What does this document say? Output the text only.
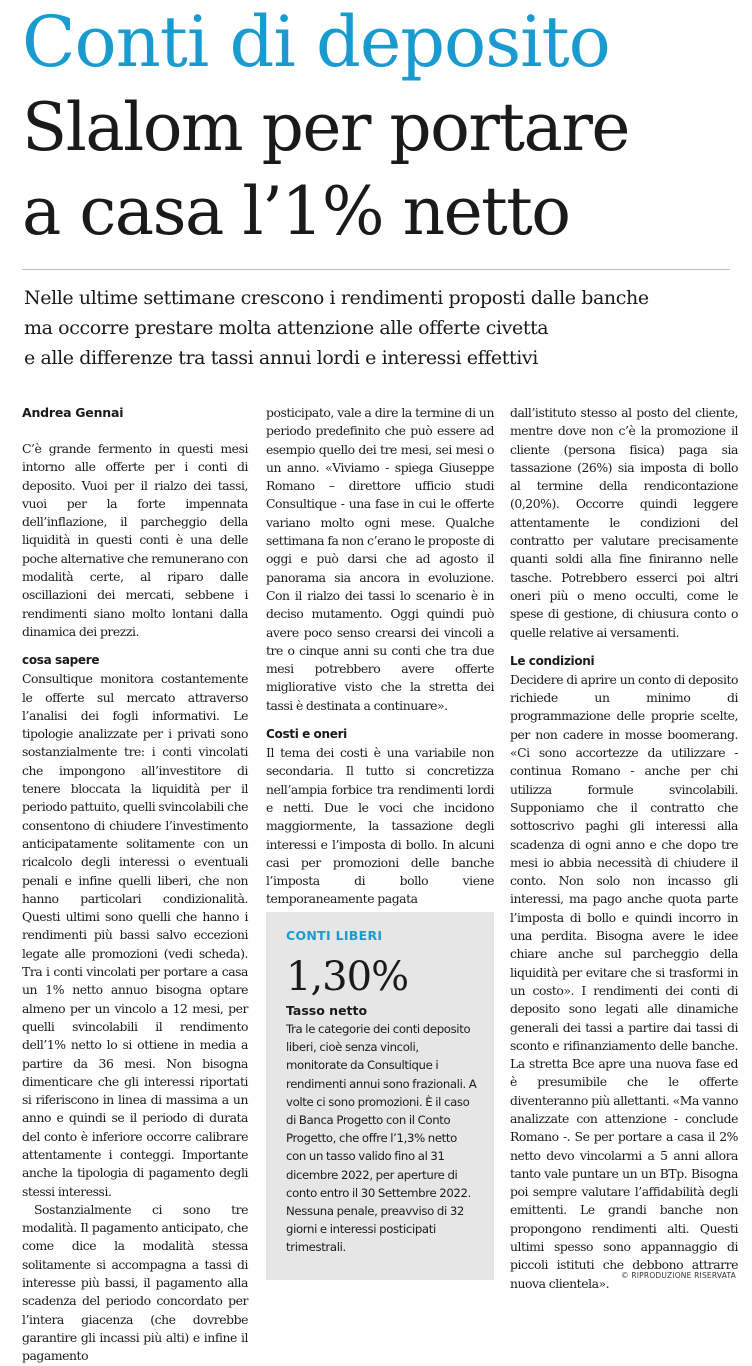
Conti di deposito
Slalom per portare
a casa l’1% netto

Nelle ultime settimane crescono i rendimenti proposti dalle banche
ma occorre prestare molta attenzione alle offerte civetta
e alle differenze tra tassi annui lordi e interessi effettivi

Andrea Gennai

C’è grande fermento in questi mesi intorno alle offerte per i conti di deposito. Vuoi per il rialzo dei tassi, vuoi per la forte impennata dell’inflazione, il parcheggio della liquidità in questi conti è una delle poche alternative che remunerano con modalità certe, al riparo dalle oscillazioni dei mercati, sebbene i rendimenti siano molto lontani dalla dinamica dei prezzi.

cosa sapere

Consultique monitora costantemente le offerte sul mercato attraverso l’analisi dei fogli informativi. Le tipologie analizzate per i privati sono sostanzialmente tre: i conti vincolati che impongono all’investitore di tenere bloccata la liquidità per il periodo pattuito, quelli svincolabili che consentono di chiudere l’investimento anticipatamente solitamente con un ricalcolo degli interessi o eventuali penali e infine quelli liberi, che non hanno particolari condizionalità. Questi ultimi sono quelli che hanno i rendimenti più bassi salvo eccezioni legate alle promozioni (vedi scheda). Tra i conti vincolati per portare a casa un 1% netto annuo bisogna optare almeno per un vincolo a 12 mesi, per quelli svincolabili il rendimento dell’1% netto lo si ottiene in media a partire da 36 mesi. Non bisogna dimenticare che gli interessi riportati si riferiscono in linea di massima a un anno e quindi se il periodo di durata del conto è inferiore occorre calibrare attentamente i conteggi. Importante anche la tipologia di pagamento degli stessi interessi.

Sostanzialmente ci sono tre modalità. Il pagamento anticipato, che come dice la modalità stessa solitamente si accompagna a tassi di interesse più bassi, il pagamento alla scadenza del periodo concordato per l’intera giacenza (che dovrebbe garantire gli incassi più alti) e infine il pagamento

posticipato, vale a dire la termine di un periodo predefinito che può essere ad esempio quello dei tre mesi, sei mesi o un anno. «Viviamo - spiega Giuseppe Romano – direttore ufficio studi Consultique - una fase in cui le offerte variano molto ogni mese. Qualche settimana fa non c’erano le proposte di oggi e può darsi che ad agosto il panorama sia ancora in evoluzione. Con il rialzo dei tassi lo scenario è in deciso mutamento. Oggi quindi può avere poco senso crearsi dei vincoli a tre o cinque anni su conti che tra due mesi potrebbero avere offerte migliorative visto che la stretta dei tassi è destinata a continuare».

Costi e oneri

Il tema dei costi è una variabile non secondaria. Il tutto si concretizza nell’ampia forbice tra rendimenti lordi e netti. Due le voci che incidono maggiormente, la tassazione degli interessi e l’imposta di bollo. In alcuni casi per promozioni delle banche l’imposta di bollo viene temporaneamente pagata

dall’istituto stesso al posto del cliente, mentre dove non c’è la promozione il cliente (persona fisica) paga sia tassazione (26%) sia imposta di bollo al termine della rendicontazione (0,20%). Occorre quindi leggere attentamente le condizioni del contratto per valutare precisamente quanti soldi alla fine finiranno nelle tasche. Potrebbero esserci poi altri oneri più o meno occulti, come le spese di gestione, di chiusura conto o quelle relative ai versamenti.

Le condizioni

Decidere di aprire un conto di deposito richiede un minimo di programmazione delle proprie scelte, per non cadere in mosse boomerang. «Ci sono accortezze da utilizzare - continua Romano - anche per chi utilizza formule svincolabili. Supponiamo che il contratto che sottoscrivo paghi gli interessi alla scadenza di ogni anno e che dopo tre mesi io abbia necessità di chiudere il conto. Non solo non incasso gli interessi, ma pago anche quota parte l’imposta di bollo e quindi incorro in una perdita. Bisogna avere le idee chiare anche sul parcheggio della liquidità per evitare che si trasformi in un costo». I rendimenti dei conti di deposito sono legati alle dinamiche generali dei tassi a partire dai tassi di sconto e rifinanziamento delle banche. La stretta Bce apre una nuova fase ed è presumibile che le offerte diventeranno più allettanti. «Ma vanno analizzate con attenzione - conclude Romano -. Se per portare a casa il 2% netto devo vincolarmi a 5 anni allora tanto vale puntare un un BTp. Bisogna poi sempre valutare l’affidabilità degli emittenti. Le grandi banche non propongono rendimenti alti. Questi ultimi spesso sono appannaggio di piccoli istituti che debbono attrarre nuova clientela».

CONTI LIBERI

1,30%

Tasso netto

Tra le categorie dei conti deposito liberi, cioè senza vincoli, monitorate da Consultique i rendimenti annui sono frazionali. A volte ci sono promozioni. È il caso di Banca Progetto con il Conto Progetto, che offre l’1,3% netto con un tasso valido fino al 31 dicembre 2022, per aperture di conto entro il 30 Settembre 2022. Nessuna penale, preavviso di 32 giorni e interessi posticipati trimestrali.

© RIPRODUZIONE RISERVATA
